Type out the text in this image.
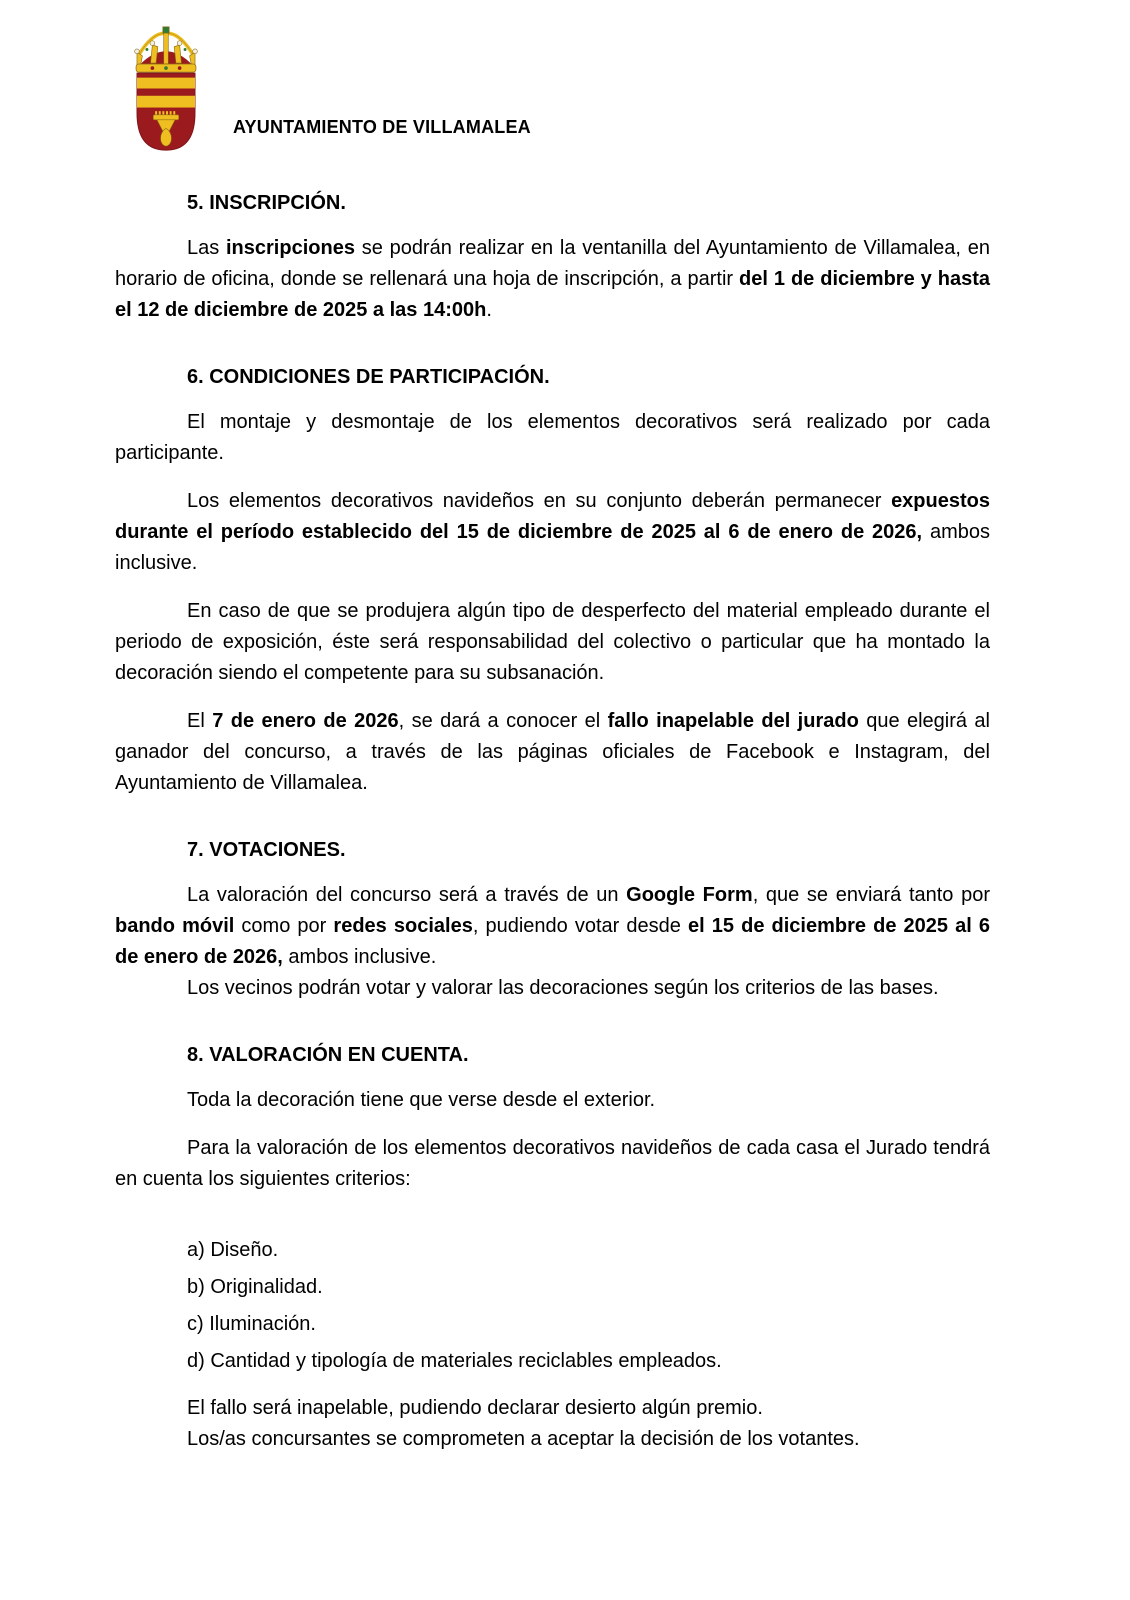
AYUNTAMIENTO DE VILLAMALEA
5. INSCRIPCIÓN.

Las inscripciones se podrán realizar en la ventanilla del Ayuntamiento de Villamalea, en horario de oficina, donde se rellenará una hoja de inscripción, a partir del 1 de diciembre y hasta el 12 de diciembre de 2025 a las 14:00h.

6. CONDICIONES DE PARTICIPACIÓN.

El montaje y desmontaje de los elementos decorativos será realizado por cada participante.

Los elementos decorativos navideños en su conjunto deberán permanecer expuestos durante el período establecido del 15 de diciembre de 2025 al 6 de enero de 2026, ambos inclusive.

En caso de que se produjera algún tipo de desperfecto del material empleado durante el periodo de exposición, éste será responsabilidad del colectivo o particular que ha montado la decoración siendo el competente para su subsanación.

El 7 de enero de 2026, se dará a conocer el fallo inapelable del jurado que elegirá al ganador del concurso, a través de las páginas oficiales de Facebook e Instagram, del Ayuntamiento de Villamalea.

7. VOTACIONES.

La valoración del concurso será a través de un Google Form, que se enviará tanto por bando móvil como por redes sociales, pudiendo votar desde el 15 de diciembre de 2025 al 6 de enero de 2026, ambos inclusive.

Los vecinos podrán votar y valorar las decoraciones según los criterios de las bases.

8. VALORACIÓN EN CUENTA.

Toda la decoración tiene que verse desde el exterior.

Para la valoración de los elementos decorativos navideños de cada casa el Jurado tendrá en cuenta los siguientes criterios:

a) Diseño.

b) Originalidad.

c) Iluminación.

d) Cantidad y tipología de materiales reciclables empleados.

El fallo será inapelable, pudiendo declarar desierto algún premio.

Los/as concursantes se comprometen a aceptar la decisión de los votantes.
